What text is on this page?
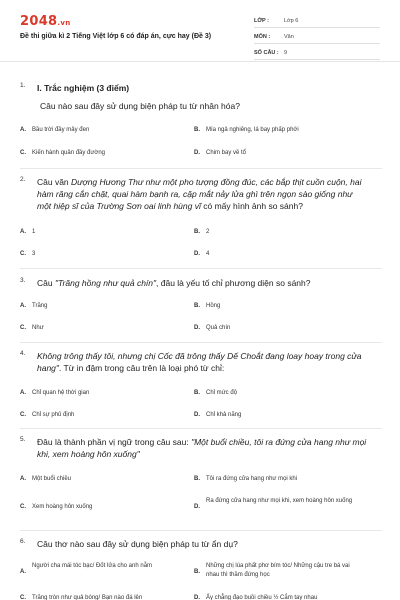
2048.vn
Đề thi giữa kì 2 Tiếng Việt lớp 6 có đáp án, cực hay (Đề 3)
LỚP :	Lớp 6
MÔN :	Văn
SỐ CÂU : 9
1. I. Trắc nghiệm (3 điểm)
Câu nào sau đây sử dụng biện pháp tu từ nhân hóa?
A.	Bầu trời đầy mây đen	B.	Mía ngả nghiêng, lá bay phấp phới
C.	Kiến hành quân đầy đường	D.	Chim bay về tổ
2. Câu văn Dượng Hương Thư như một pho tượng đồng đúc, các bắp thịt cuồn cuộn, hai hàm răng cắn chặt, quai hàm bạnh ra, cặp mắt nảy lửa ghì trên ngọn sào giống như một hiệp sĩ của Trường Sơn oai linh hùng vĩ có mấy hình ảnh so sánh?
A.	1	B.	2
C.	3	D.	4
3. Câu "Trăng hồng như quả chín", đâu là yếu tố chỉ phương diện so sánh?
A.	Trăng	B.	Hồng
C.	Như	D.	Quả chín
4. Không trông thấy tôi, nhưng chị Cốc đã trông thấy Dế Choắt đang loay hoay trong cửa hang". Từ in đậm trong câu trên là loại phó từ chỉ:
A.	Chỉ quan hệ thời gian	B.	Chỉ mức độ
C.	Chỉ sự phủ định	D.	Chỉ khả năng
5. Đâu là thành phần vị ngữ trong câu sau: "Một buổi chiều, tôi ra đứng cửa hang như mọi khi, xem hoàng hôn xuống"
A.	Một buổi chiều	B.	Tôi ra đứng cửa hang như mọi khi
C.	Xem hoàng hôn xuống	D.
Ra đứng cửa hang như mọi khi, xem hoàng hôn xuống
6. Câu thơ nào sau đây sử dụng biện pháp tu từ ẩn dụ?
A.
Người cha mái tóc bạc/ Đốt lửa cho anh nằm
B.
Những chị lúa phất phơ bím tóc/ Những cậu tre bá vai nhau thì thầm đứng học
C.	Trăng tròn như quả bóng/ Bạn nào đá lên	D.	Ấy chẳng đạo buồi chiều ½ Cắm tay nhau
